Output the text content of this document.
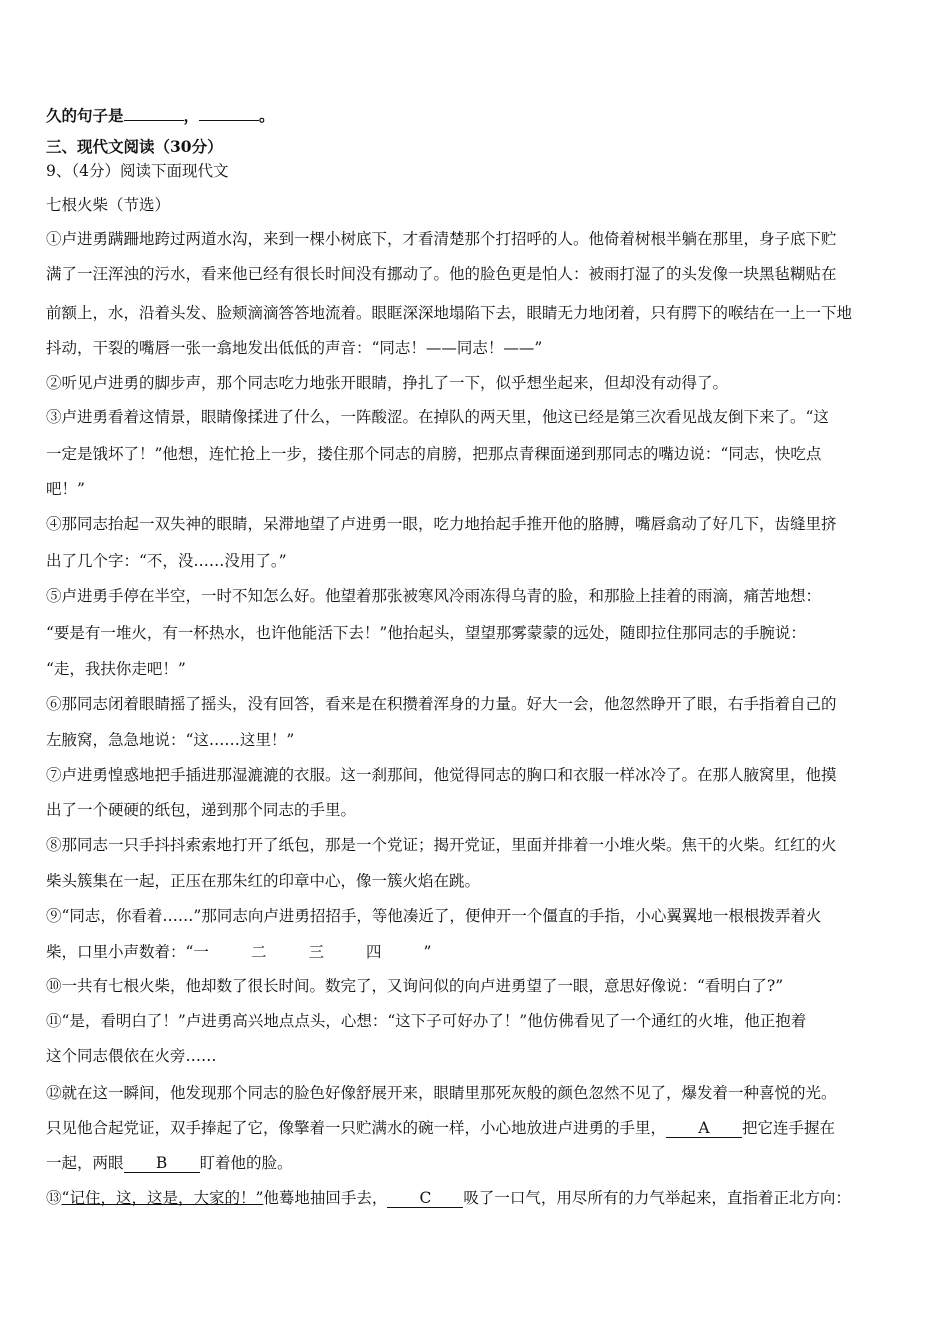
久的句子是	，	。
三、现代文阅读（30分）
9、（4分）阅读下面现代文
七根火柴（节选）
①卢进勇蹒跚地跨过两道水沟，来到一棵小树底下，才看清楚那个打招呼的人。他倚着树根半躺在那里，身子底下贮
满了一汪浑浊的污水，看来他已经有很长时间没有挪动了。他的脸色更是怕人：被雨打湿了的头发像一块黑毡糊贴在
前额上，水，沿着头发、脸颊滴滴答答地流着。眼眶深深地塌陷下去，眼睛无力地闭着，只有腭下的喉结在一上一下地
抖动，干裂的嘴唇一张一翕地发出低低的声音：“同志！——同志！——”
②听见卢进勇的脚步声，那个同志吃力地张开眼睛，挣扎了一下，似乎想坐起来，但却没有动得了。
③卢进勇看着这情景，眼睛像揉进了什么，一阵酸涩。在掉队的两天里，他这已经是第三次看见战友倒下来了。“这
一定是饿坏了！”他想，连忙抢上一步，搂住那个同志的肩膀，把那点青稞面递到那同志的嘴边说：“同志，快吃点
吧！”
④那同志抬起一双失神的眼睛，呆滞地望了卢进勇一眼，吃力地抬起手推开他的胳膊，嘴唇翕动了好几下，齿缝里挤
出了几个字：“不，没……没用了。”
⑤卢进勇手停在半空，一时不知怎么好。他望着那张被寒风冷雨冻得乌青的脸，和那脸上挂着的雨滴，痛苦地想：
“要是有一堆火，有一杯热水，也许他能活下去！”他抬起头，望望那雾蒙蒙的远处，随即拉住那同志的手腕说：
“走，我扶你走吧！”
⑥那同志闭着眼睛摇了摇头，没有回答，看来是在积攒着浑身的力量。好大一会，他忽然睁开了眼，右手指着自己的
左腋窝，急急地说：“这……这里！”
⑦卢进勇惶惑地把手插进那湿漉漉的衣服。这一刹那间，他觉得同志的胸口和衣服一样冰冷了。在那人腋窝里，他摸
出了一个硬硬的纸包，递到那个同志的手里。
⑧那同志一只手抖抖索索地打开了纸包，那是一个党证；揭开党证，里面并排着一小堆火柴。焦干的火柴。红红的火
柴头簇集在一起，正压在那朱红的印章中心，像一簇火焰在跳。
⑨“同志，你看着……”那同志向卢进勇招招手，等他凑近了，便伸开一个僵直的手指，小心翼翼地一根根拨弄着火
柴，口里小声数着：“一	二	三	四	”
⑩一共有七根火柴，他却数了很长时间。数完了，又询问似的向卢进勇望了一眼，意思好像说：“看明白了?”
⑪“是，看明白了！”卢进勇高兴地点点头，心想：“这下子可好办了！”他仿佛看见了一个通红的火堆，他正抱着
这个同志偎依在火旁……
⑫就在这一瞬间，他发现那个同志的脸色好像舒展开来，眼睛里那死灰般的颜色忽然不见了，爆发着一种喜悦的光。
只见他合起党证，双手捧起了它，像擎着一只贮满水的碗一样，小心地放进卢进勇的手里， A 把它连手握在
一起，两眼 B 盯着他的脸。
⑬“记住，这，这是，大家的！”他蓦地抽回手去， C 吸了一口气，用尽所有的力气举起来，直指着正北方向：
